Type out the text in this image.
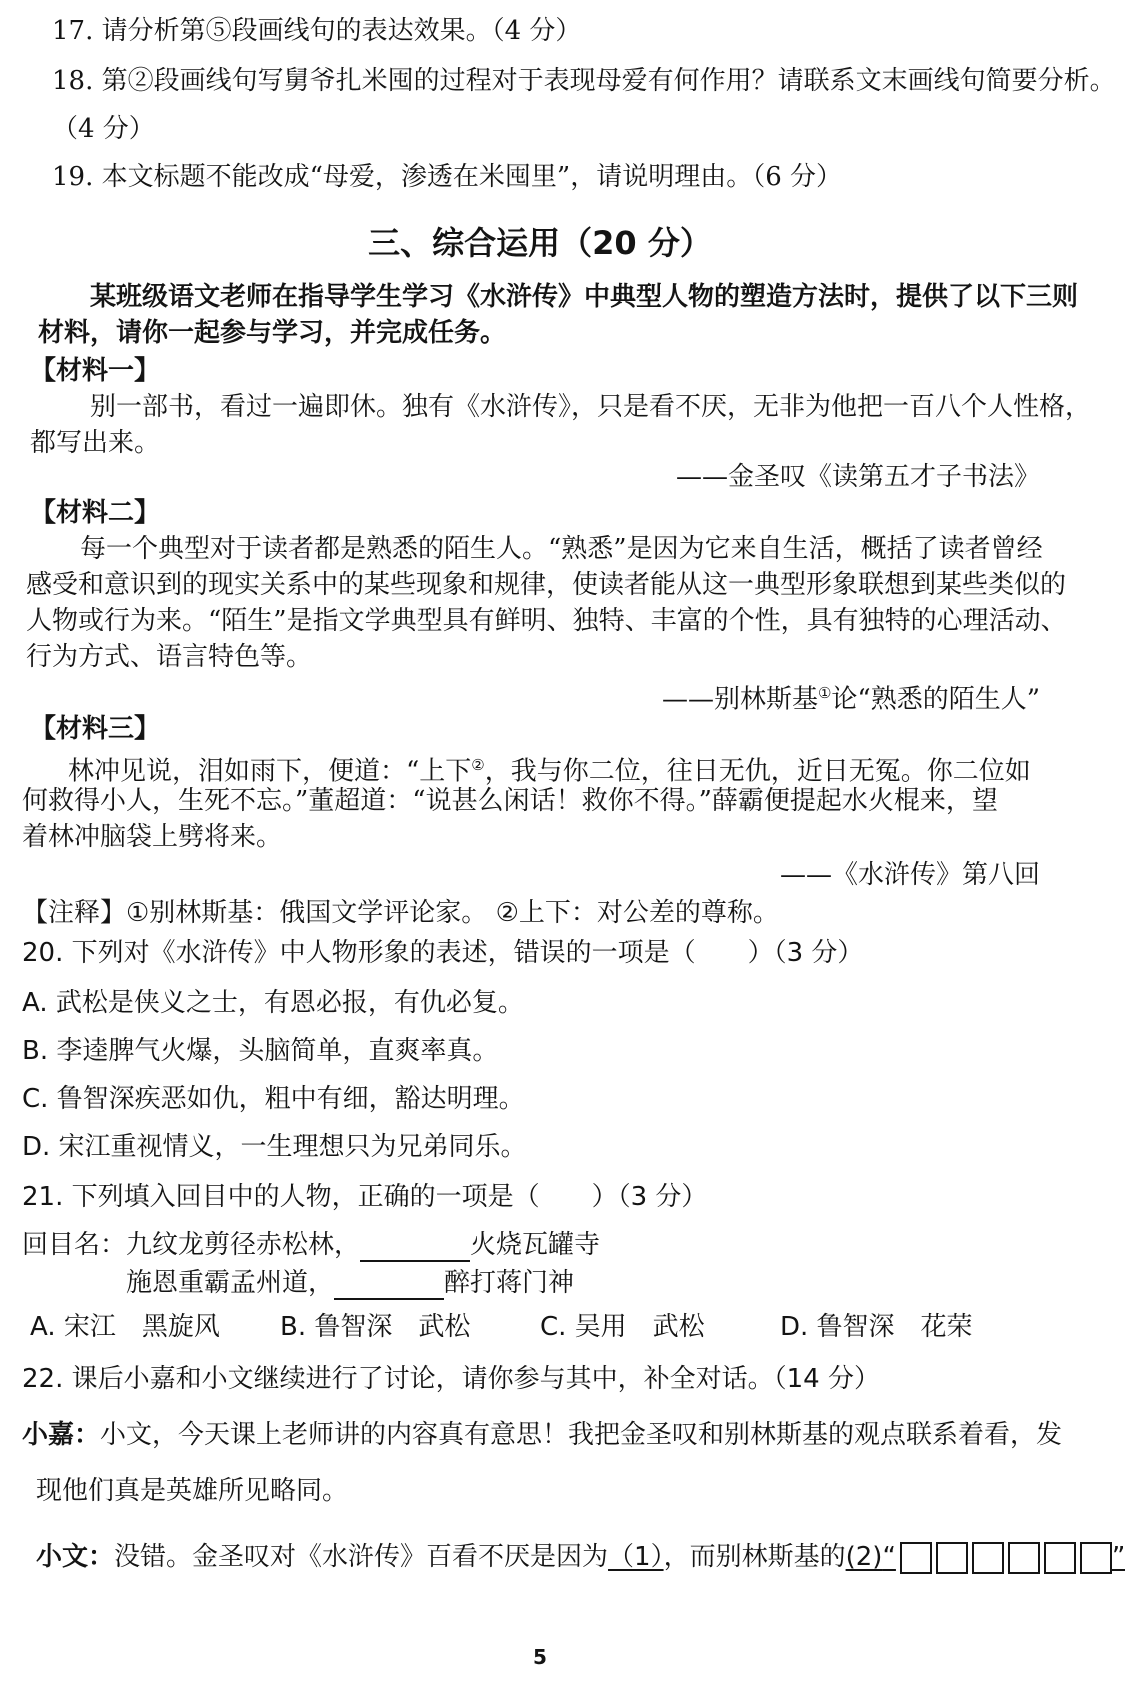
17. 请分析第⑤段画线句的表达效果。（4 分）
18. 第②段画线句写舅爷扎米囤的过程对于表现母爱有何作用？请联系文末画线句简要分析。
（4 分）
19. 本文标题不能改成“母爱，渗透在米囤里”，请说明理由。（6 分）
三、综合运用（20 分）
某班级语文老师在指导学生学习《水浒传》中典型人物的塑造方法时，提供了以下三则
材料，请你一起参与学习，并完成任务。
【材料一】
别一部书，看过一遍即休。独有《水浒传》，只是看不厌，无非为他把一百八个人性格，
都写出来。
——金圣叹《读第五才子书法》
【材料二】
每一个典型对于读者都是熟悉的陌生人。“熟悉”是因为它来自生活，概括了读者曾经
感受和意识到的现实关系中的某些现象和规律，使读者能从这一典型形象联想到某些类似的
人物或行为来。“陌生”是指文学典型具有鲜明、独特、丰富的个性，具有独特的心理活动、
行为方式、语言特色等。
——别林斯基①论“熟悉的陌生人”
【材料三】
林冲见说，泪如雨下，便道：“上下②，我与你二位，往日无仇，近日无冤。你二位如
何救得小人，生死不忘。”董超道：“说甚么闲话！救你不得。”薛霸便提起水火棍来，望
着林冲脑袋上劈将来。
——《水浒传》第八回
【注释】①别林斯基：俄国文学评论家。 ②上下：对公差的尊称。
20. 下列对《水浒传》中人物形象的表述，错误的一项是（　　）（3 分）
A. 武松是侠义之士，有恩必报，有仇必复。
B. 李逵脾气火爆，头脑简单，直爽率真。
C. 鲁智深疾恶如仇，粗中有细，豁达明理。
D. 宋江重视情义，一生理想只为兄弟同乐。
21. 下列填入回目中的人物，正确的一项是（　　）（3 分）
回目名：九纹龙剪径赤松林，	火烧瓦罐寺
施恩重霸孟州道，	醉打蒋门神
A. 宋江　黑旋风 B. 鲁智深　武松	C. 吴用　武松	D. 鲁智深　花荣
22. 课后小嘉和小文继续进行了讨论，请你参与其中，补全对话。（14 分）
小嘉：小文，今天课上老师讲的内容真有意思！我把金圣叹和别林斯基的观点联系着看，发
现他们真是英雄所见略同。
小文：没错。金圣叹对《水浒传》百看不厌是因为（1），而别林斯基的(2)“	”
5
